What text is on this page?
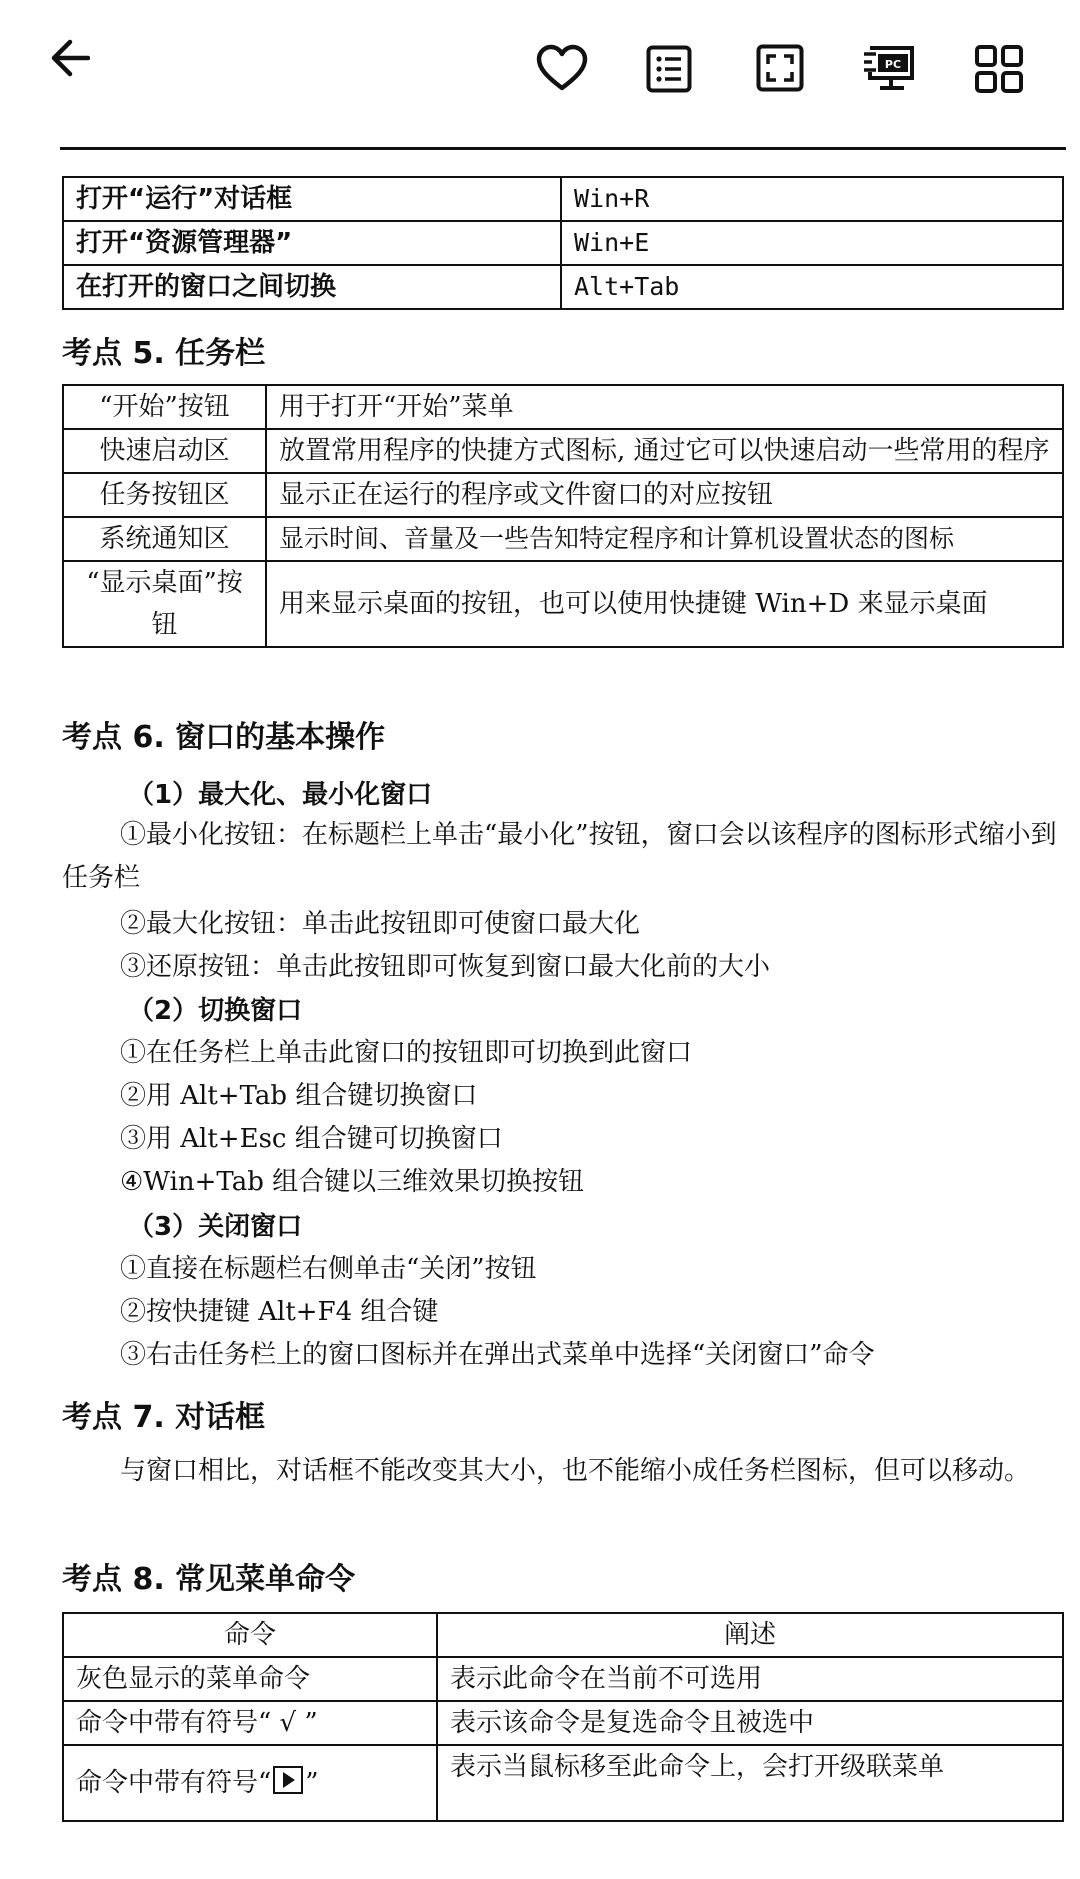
PC
打开“运行”对话框	Win+R
打开“资源管理器”	Win+E
在打开的窗口之间切换	Alt+Tab
考点 5. 任务栏
“开始”按钮	用于打开“开始”菜单
快速启动区	放置常用程序的快捷方式图标, 通过它可以快速启动一些常用的程序
任务按钮区	显示正在运行的程序或文件窗口的对应按钮
系统通知区	显示时间、音量及一些告知特定程序和计算机设置状态的图标
“显示桌面”按钮	用来显示桌面的按钮，也可以使用快捷键 Win+D 来显示桌面
考点 6. 窗口的基本操作
（1）最大化、最小化窗口
①最小化按钮：在标题栏上单击“最小化”按钮，窗口会以该程序的图标形式缩小到任务栏
②最大化按钮：单击此按钮即可使窗口最大化
③还原按钮：单击此按钮即可恢复到窗口最大化前的大小
（2）切换窗口
①在任务栏上单击此窗口的按钮即可切换到此窗口
②用 Alt+Tab 组合键切换窗口
③用 Alt+Esc 组合键可切换窗口
④Win+Tab 组合键以三维效果切换按钮
（3）关闭窗口
①直接在标题栏右侧单击“关闭”按钮
②按快捷键 Alt+F4 组合键
③右击任务栏上的窗口图标并在弹出式菜单中选择“关闭窗口”命令
考点 7. 对话框
与窗口相比，对话框不能改变其大小，也不能缩小成任务栏图标，但可以移动。
考点 8. 常见菜单命令
命令	阐述
灰色显示的菜单命令	表示此命令在当前不可选用
命令中带有符号“ √ ”	表示该命令是复选命令且被选中
命令中带有符号“ ”	表示当鼠标移至此命令上，会打开级联菜单
